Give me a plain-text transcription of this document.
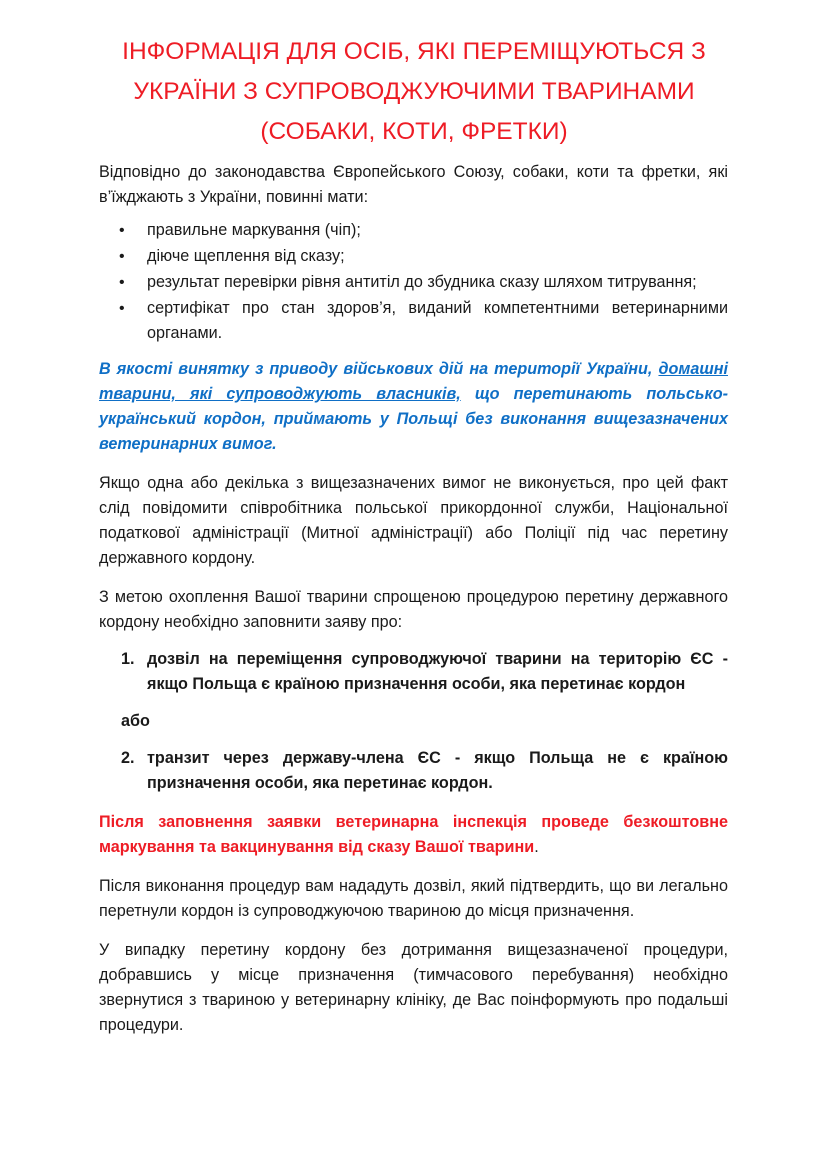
ІНФОРМАЦІЯ ДЛЯ ОСІБ, ЯКІ ПЕРЕМІЩУЮТЬСЯ З
УКРАЇНИ З СУПРОВОДЖУЮЧИМИ ТВАРИНАМИ
(СОБАКИ, КОТИ, ФРЕТКИ)

Відповідно до законодавства Європейського Союзу, собаки, коти та фретки, які в’їжджають з України, повинні мати:

• правильне маркування (чіп);
• діюче щеплення від сказу;
• результат перевірки рівня антитіл до збудника сказу шляхом титрування;
• сертифікат про стан здоров’я, виданий компетентними ветеринарними органами.

В якості винятку з приводу військових дій на території України, домашні тварини, які супроводжують власників, що перетинають польсько-український кордон, приймають у Польщі без виконання вищезазначених ветеринарних вимог.

Якщо одна або декілька з вищезазначених вимог не виконується, про цей факт слід повідомити співробітника польської прикордонної служби, Національної податкової адміністрації (Митної адміністрації) або Поліції під час перетину державного кордону.

З метою охоплення Вашої тварини спрощеною процедурою перетину державного кордону необхідно заповнити заяву про:

1. дозвіл на переміщення супроводжуючої тварини на територію ЄС - якщо Польща є країною призначення особи, яка перетинає кордон
або
2. транзит через державу-члена ЄС - якщо Польща не є країною призначення особи, яка перетинає кордон.

Після заповнення заявки ветеринарна інспекція проведе безкоштовне маркування та вакцинування від сказу Вашої тварини.

Після виконання процедур вам нададуть дозвіл, який підтвердить, що ви легально перетнули кордон із супроводжуючою твариною до місця призначення.

У випадку перетину кордону без дотримання вищезазначеної процедури, добравшись у місце призначення (тимчасового перебування) необхідно звернутися з твариною у ветеринарну клініку, де Вас поінформують про подальші процедури.
